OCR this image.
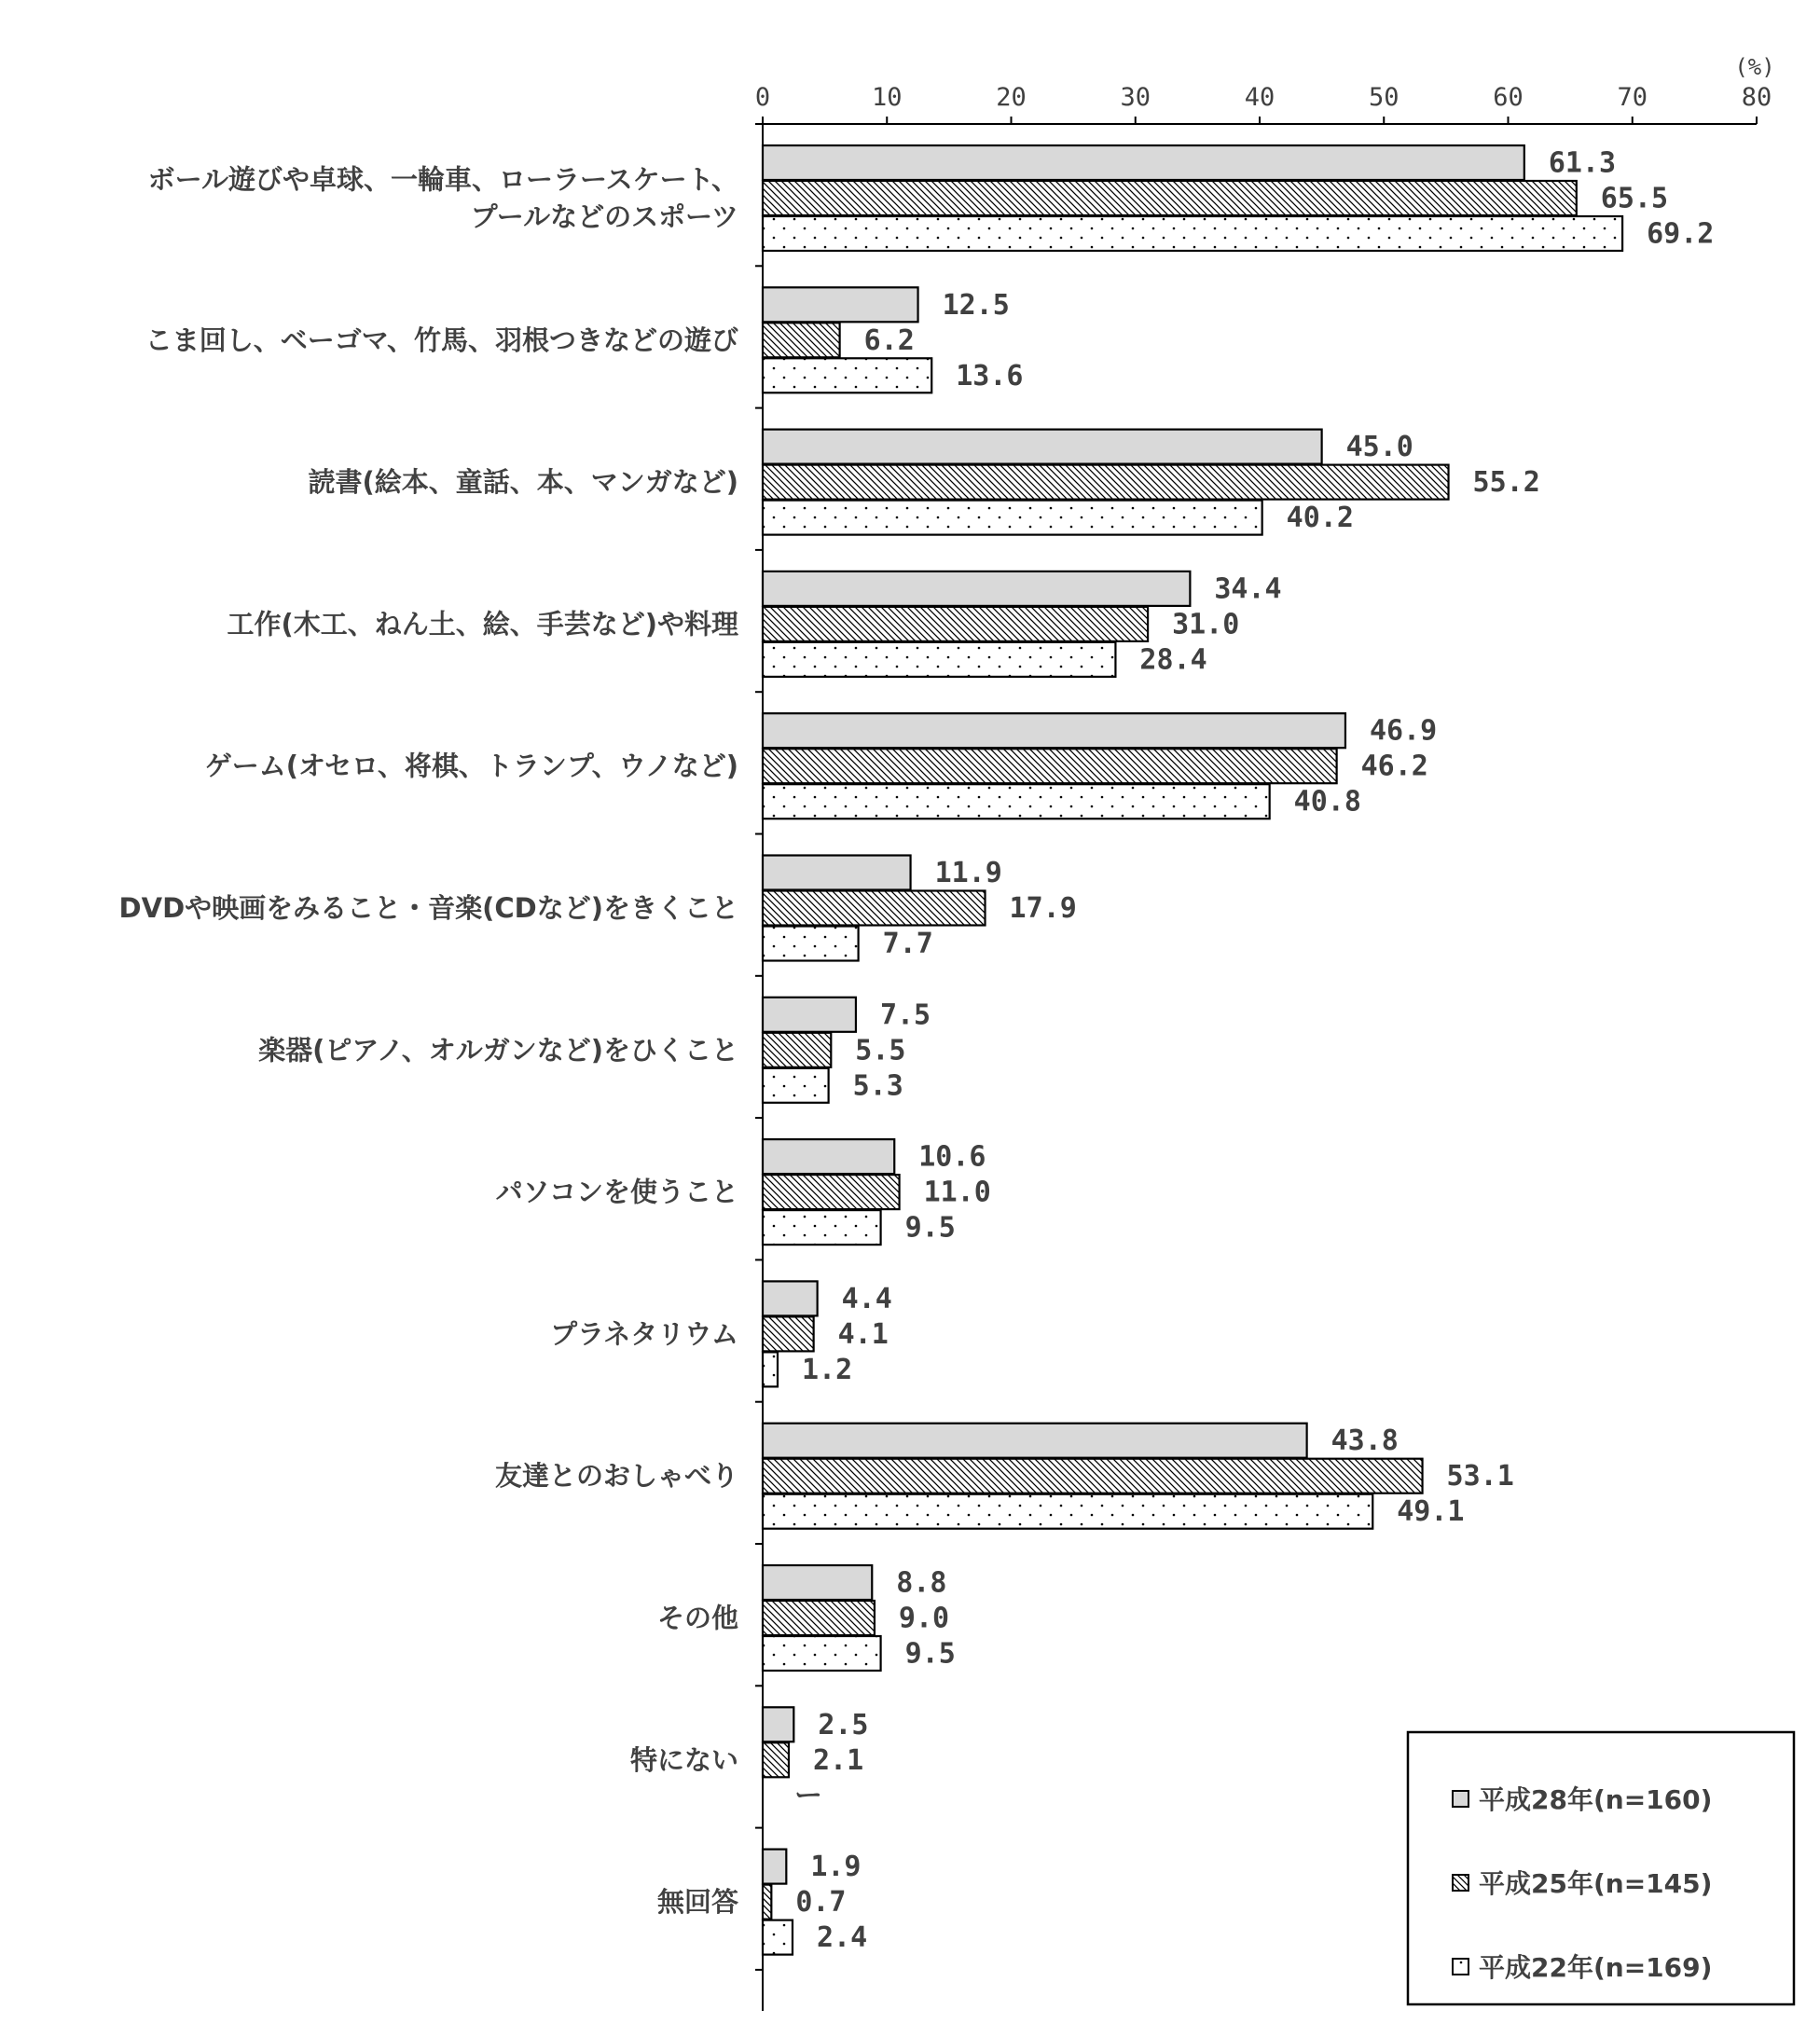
0	10	20	30	40	50	60	70	80
(%)
ボール遊びや卓球、一輪車、ローラースケート、
プールなどのスポーツ
61.3
65.5
69.2
こま回し、ベーゴマ、竹馬、羽根つきなどの遊び
12.5
6.2
13.6
読書(絵本、童話、本、マンガなど)
45.0
55.2
40.2
工作(木工、ねん土、絵、手芸など)や料理
34.4
31.0
28.4
ゲーム(オセロ、将棋、トランプ、ウノなど)
46.9
46.2
40.8
DVDや映画をみること・音楽(CDなど)をきくこと
11.9
17.9
7.7
楽器(ピアノ、オルガンなど)をひくこと
7.5
5.5
5.3
パソコンを使うこと
10.6
11.0
9.5
プラネタリウム
4.4
4.1
1.2
友達とのおしゃべり
43.8
53.1
49.1
その他
8.8
9.0
9.5
特にない
2.5
2.1
ー
無回答
1.9
0.7
2.4
平成28年(n=160)
平成25年(n=145)
平成22年(n=169)
